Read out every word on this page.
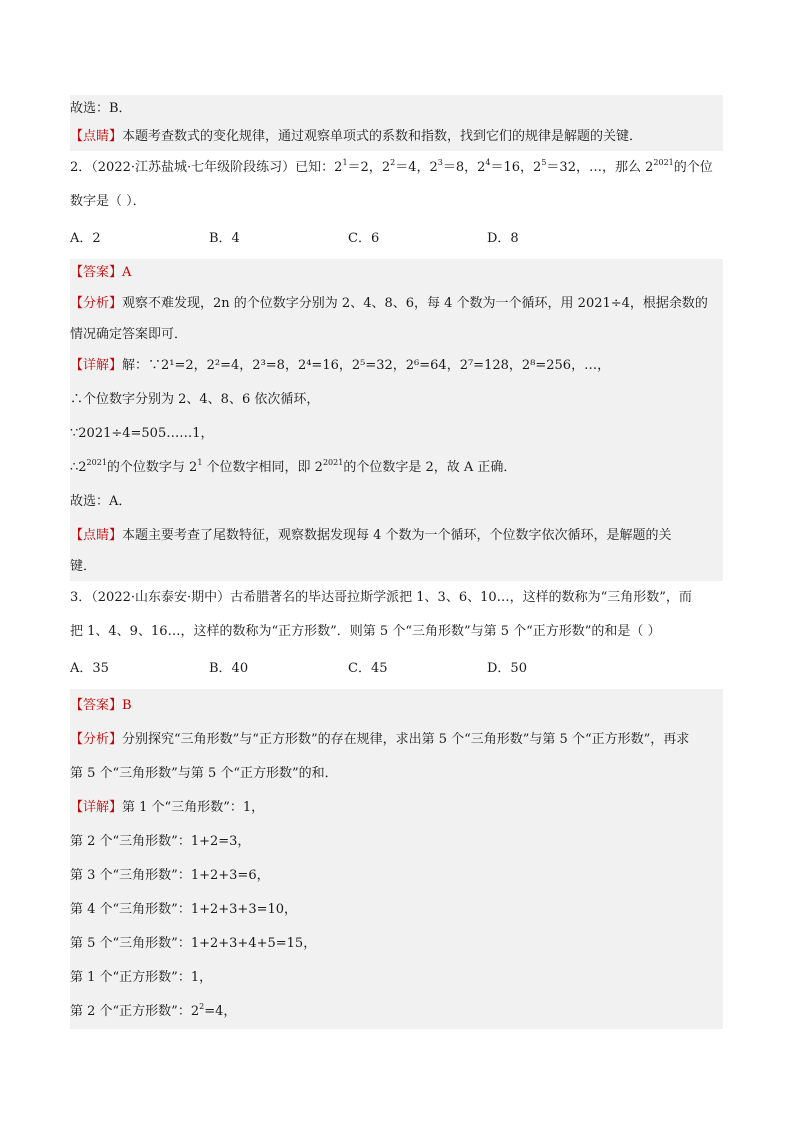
故选：B．
【点睛】本题考查数式的变化规律，通过观察单项式的系数和指数，找到它们的规律是解题的关键．
2．（2022·江苏盐城·七年级阶段练习）已知：$2^1=2$，$2^2=4$，$2^3=8$，$2^4=16$，$2^5=32$，…，那么 $2^{2021}$的个位
数字是（ ）．
A．2	B．4	C．6	D．8
【答案】A
【分析】观察不难发现，2n 的个位数字分别为 2、4、8、6，每 4 个数为一个循环，用 2021÷4，根据余数的
情况确定答案即可．
【详解】解：∵2¹=2，2²=4，2³=8，2⁴=16，2⁵=32，2⁶=64，2⁷=128，2⁸=256，…，
∴个位数字分别为 2、4、8、6 依次循环，
∵2021÷4=505……1，
$\therefore 2^{2021}$的个位数字与 $2^1$ 个位数字相同，即 $2^{2021}$的个位数字是 2，故 A 正确．
故选：A．
【点睛】本题主要考查了尾数特征，观察数据发现每 4 个数为一个循环，个位数字依次循环，是解题的关
键．
3．（2022·山东泰安·期中）古希腊著名的毕达哥拉斯学派把 1、3、6、10…，这样的数称为“三角形数”，而
把 1、4、9、16…，这样的数称为“正方形数”．则第 5 个“三角形数”与第 5 个“正方形数”的和是（ ）
A．35	B．40	C．45	D．50
【答案】B
【分析】分别探究“三角形数”与“正方形数”的存在规律，求出第 5 个“三角形数”与第 5 个“正方形数”，再求
第 5 个“三角形数”与第 5 个“正方形数”的和．
【详解】第 1 个“三角形数”：1，
第 2 个“三角形数”：1+2=3，
第 3 个“三角形数”：1+2+3=6，
第 4 个“三角形数”：1+2+3+3=10，
第 5 个“三角形数”：1+2+3+4+5=15，
第 1 个“正方形数”：1，
第 2 个“正方形数”：$2^2=4$，
